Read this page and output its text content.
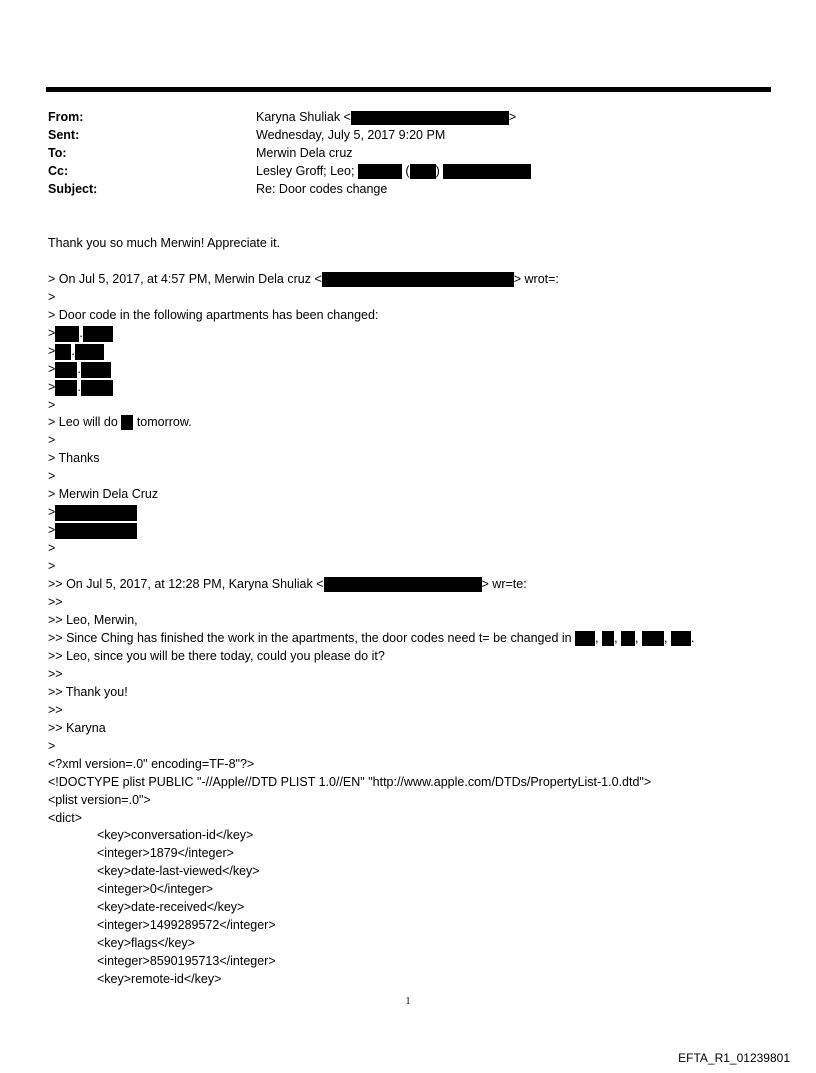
From:	Karyna Shuliak <	>
Sent:	Wednesday, July 5, 2017 9:20 PM
To:	Merwin Dela cruz
Cc:	Lesley Groff; Leo;	( )
Subject:	Re: Door codes change
Thank you so much Merwin! Appreciate it.
> On Jul 5, 2017, at 4:57 PM, Merwin Dela cruz <	> wrot=:
>
> Door code in the following apartments has been changed:
> .
> .
> .
> .
>
> Leo will do tomorrow.
>
> Thanks
>
> Merwin Dela Cruz
>
>
>
>
>> On Jul 5, 2017, at 12:28 PM, Karyna Shuliak <	> wr=te:
>>
>> Leo, Merwin,
>> Since Ching has finished the work in the apartments, the door codes need t= be changed in , , , , .
>> Leo, since you will be there today, could you please do it?
>>
>> Thank you!
>>
>> Karyna
>
<?xml version=.0" encoding=TF-8"?>
<!DOCTYPE plist PUBLIC "-//Apple//DTD PLIST 1.0//EN" "http://www.apple.com/DTDs/PropertyList-1.0.dtd">
<plist version=.0">
<dict>
<key>conversation-id</key>
<integer>1879</integer>
<key>date-last-viewed</key>
<integer>0</integer>
<key>date-received</key>
<integer>1499289572</integer>
<key>flags</key>
<integer>8590195713</integer>
<key>remote-id</key>
1
EFTA_R1_01239801
